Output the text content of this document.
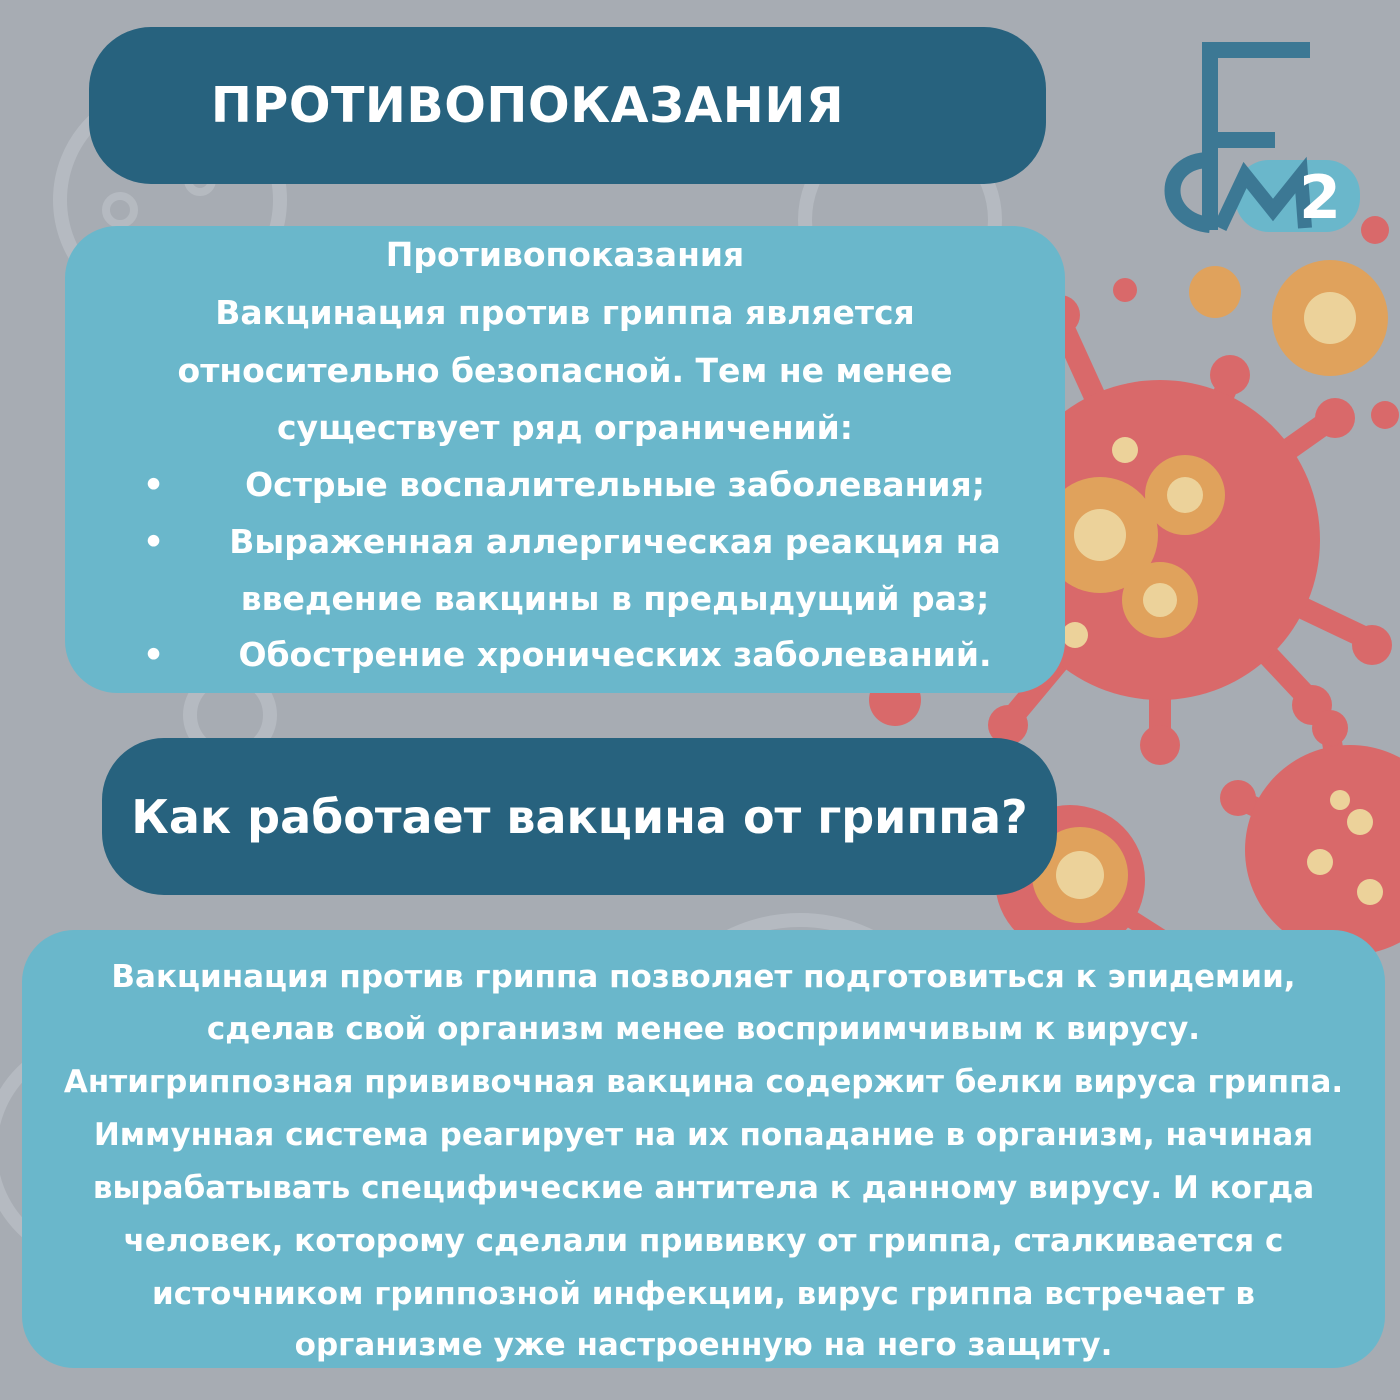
2
ПРОТИВОПОКАЗАНИЯ
Противопоказания
Вакцинация против гриппа является
относительно безопасной. Тем не менее
существует ряд ограничений:
•	Острые воспалительные заболевания;
•	Выраженная аллергическая реакция на
введение вакцины в предыдущий раз;
•	Обострение хронических заболеваний.
Как работает вакцина от гриппа?
Вакцинация против гриппа позволяет подготовиться к эпидемии,
сделав свой организм менее восприимчивым к вирусу.
Антигриппозная прививочная вакцина содержит белки вируса гриппа.
Иммунная система реагирует на их попадание в организм, начиная
вырабатывать специфические антитела к данному вирусу. И когда
человек, которому сделали прививку от гриппа, сталкивается с
источником гриппозной инфекции, вирус гриппа встречает в
организме уже настроенную на него защиту.
